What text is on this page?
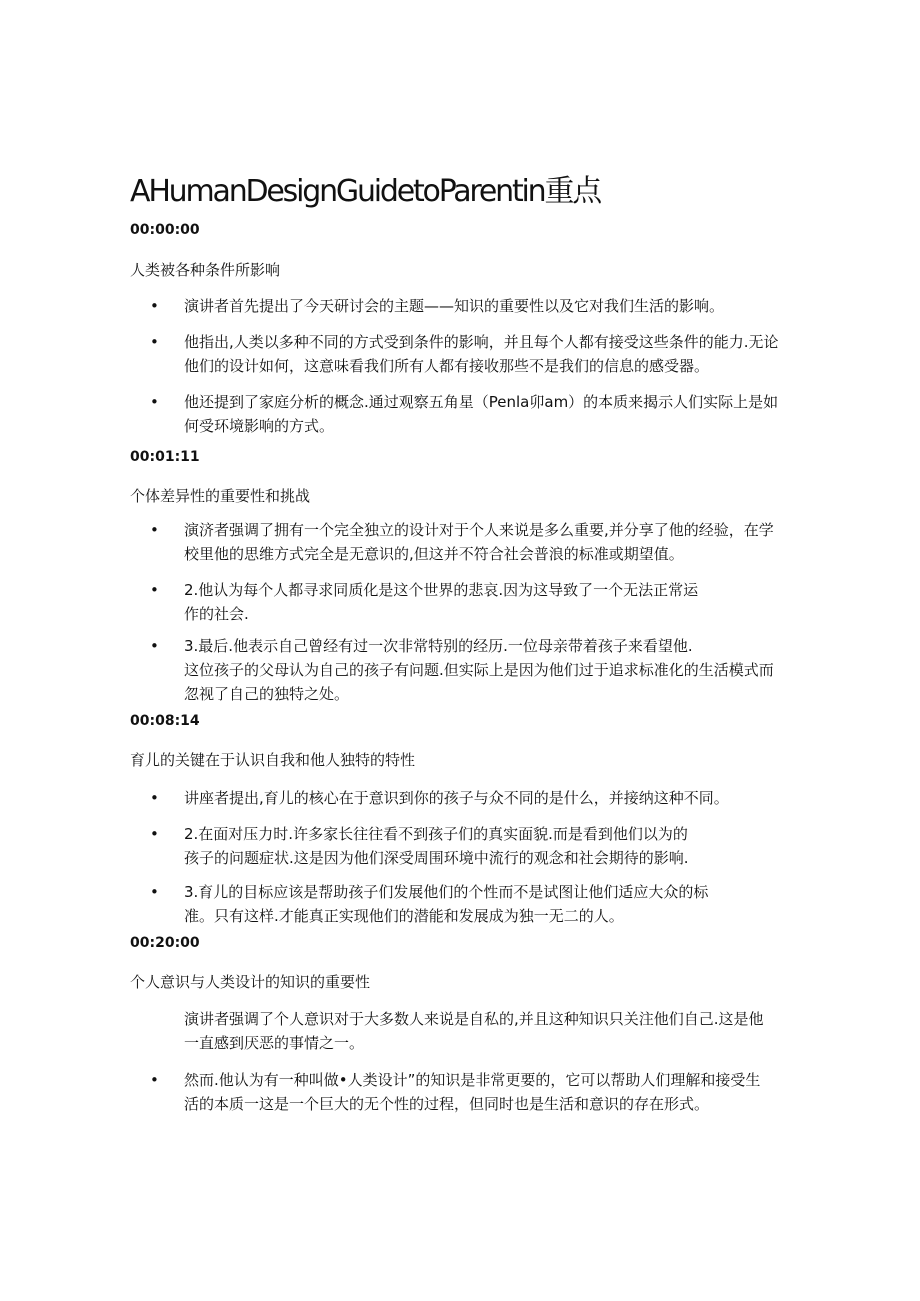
AHumanDesignGuidetoParentin重点
00:00:00
人类被各种条件所影响
•	演讲者首先提出了今天研讨会的主题——知识的重要性以及它对我们生活的影响。
•	他指出,人类以多种不同的方式受到条件的影响，并且每个人都有接受这些条件的能力.无论
他们的设计如何，这意味看我们所有人都有接收那些不是我们的信息的感受器。
•	他还提到了家庭分析的概念.通过观察五角星（Penla卯am）的本质来揭示人们实际上是如
何受环境影响的方式。
00:01:11
个体差异性的重要性和挑战
•	演济者强调了拥有一个完全独立的设计对于个人来说是多么重要,并分享了他的经验，在学
校里他的思维方式完全是无意识的,但这并不符合社会普浪的标准或期望值。
•	2.他认为每个人都寻求同质化是这个世界的悲哀.因为这导致了一个无法正常运
作的社会.
•	3.最后.他表示自己曾经有过一次非常特别的经历.一位母亲带着孩子来看望他.
这位孩子的父母认为自己的孩子有问题.但实际上是因为他们过于追求标准化的生活模式而
忽视了自己的独特之处。
00:08:14
育儿的关键在于认识自我和他人独特的特性
•	讲座者提出,育儿的核心在于意识到你的孩子与众不同的是什么，并接纳这种不同。
•	2.在面对压力时.许多家长往往看不到孩子们的真实面貌.而是看到他们以为的
孩子的问题症状.这是因为他们深受周围环境中流行的观念和社会期待的影响.
•	3.育儿的目标应该是帮助孩子们发展他们的个性而不是试图让他们适应大众的标
准。只有这样.才能真正实现他们的潜能和发展成为独一无二的人。
00:20:00
个人意识与人类设计的知识的重要性
演讲者强调了个人意识对于大多数人来说是自私的,并且这种知识只关注他们自己.这是他
一直感到厌恶的事情之一。
•	然而.他认为有一种叫做•人类设计”的知识是非常更要的，它可以帮助人们理解和接受生
活的本质一这是一个巨大的无个性的过程，但同时也是生活和意识的存在形式。
